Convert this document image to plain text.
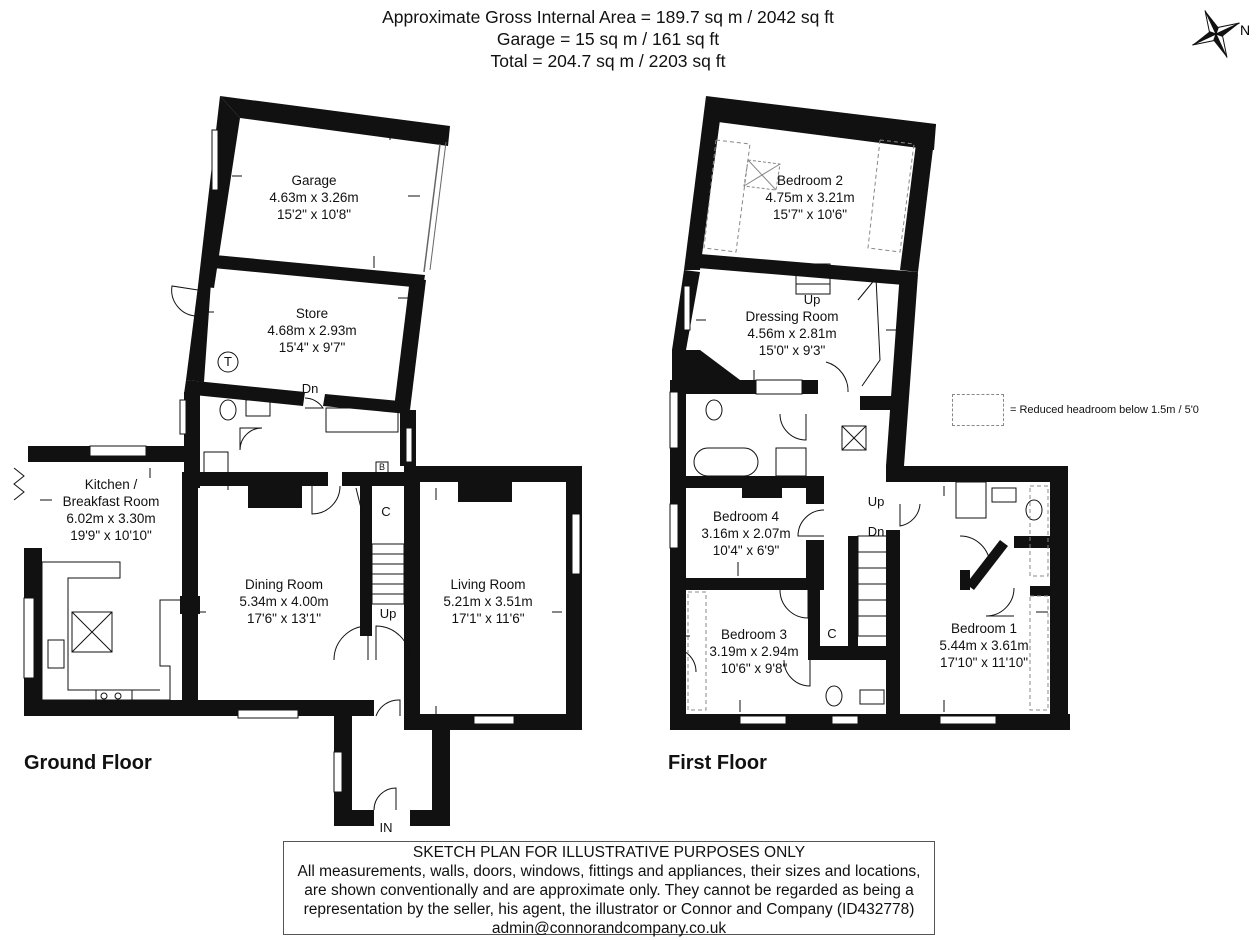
Approximate Gross Internal Area = 189.7 sq m / 2042 sq ft
Garage = 15 sq m / 161 sq ft
Total = 204.7 sq m / 2203 sq ft
N
Garage
4.63m x 3.26m
15'2" x 10'8"
Store
4.68m x 2.93m
15'4" x 9'7"
T
Dn
B
C
Kitchen /
Breakfast Room
6.02m x 3.30m
19'9" x 10'10"
Dining Room
5.34m x 4.00m
17'6" x 13'1"
Living Room
5.21m x 3.51m
17'1" x 11'6"
Up
IN
Ground Floor
Bedroom 2
4.75m x 3.21m
15'7" x 10'6"
Up
Dressing Room
4.56m x 2.81m
15'0" x 9'3"
Up
Dn
Bedroom 4
3.16m x 2.07m
10'4" x 6'9"
Bedroom 3
3.19m x 2.94m
10'6" x 9'8"
C	Bedroom 1
5.44m x 3.61m
17'10" x 11'10"
First Floor
= Reduced headroom below 1.5m / 5'0
SKETCH PLAN FOR ILLUSTRATIVE PURPOSES ONLY
All measurements, walls, doors, windows, fittings and appliances, their sizes and locations,
are shown conventionally and are approximate only. They cannot be regarded as being a
representation by the seller, his agent, the illustrator or Connor and Company (ID432778)
admin@connorandcompany.co.uk
